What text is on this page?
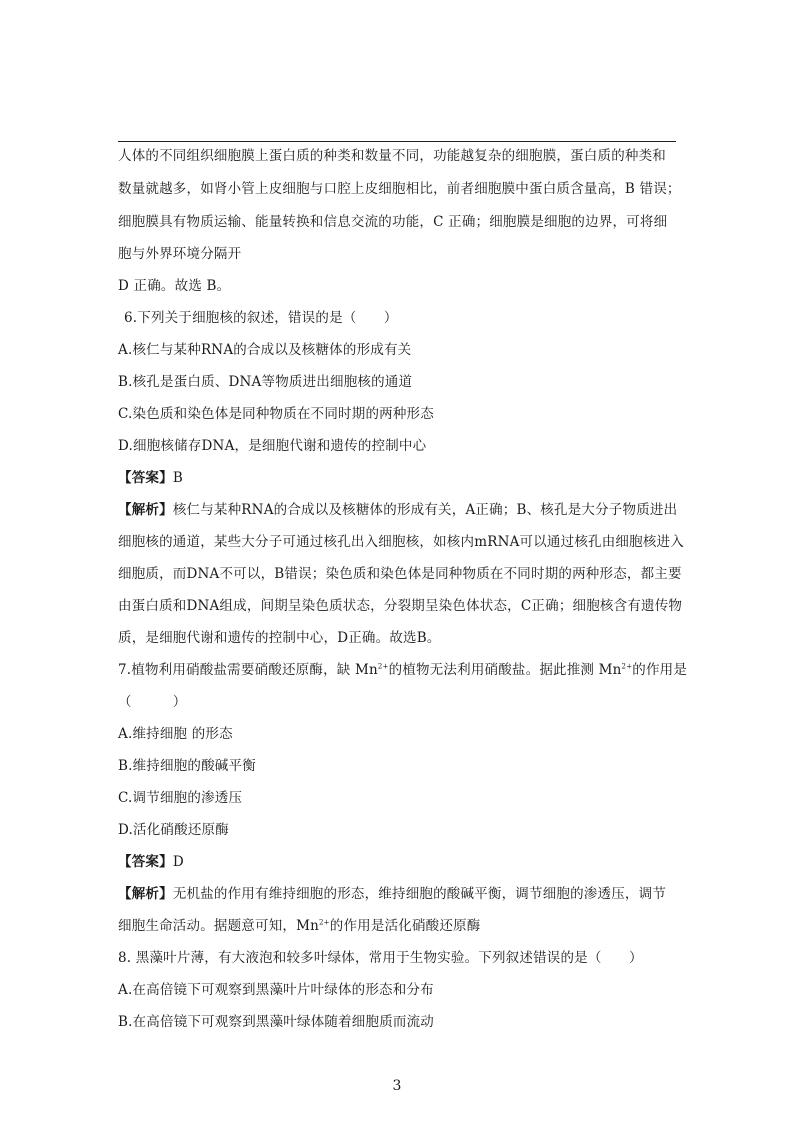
人体的不同组织细胞膜上蛋白质的种类和数量不同，功能越复杂的细胞膜，蛋白质的种类和
数量就越多，如肾小管上皮细胞与口腔上皮细胞相比，前者细胞膜中蛋白质含量高，B 错误；
细胞膜具有物质运输、能量转换和信息交流的功能，C 正确；细胞膜是细胞的边界，可将细
胞与外界环境分隔开
D 正确。故选 B。
6.下列关于细胞核的叙述，错误的是（　　）
A.核仁与某种RNA的合成以及核糖体的形成有关
B.核孔是蛋白质、DNA等物质进出细胞核的通道
C.染色质和染色体是同种物质在不同时期的两种形态
D.细胞核储存DNA，是细胞代谢和遗传的控制中心
【答案】B
【解析】核仁与某种RNA的合成以及核糖体的形成有关，A正确；B、核孔是大分子物质进出
细胞核的通道，某些大分子可通过核孔出入细胞核，如核内mRNA可以通过核孔由细胞核进入
细胞质，而DNA不可以，B错误；染色质和染色体是同种物质在不同时期的两种形态，都主要
由蛋白质和DNA组成，间期呈染色质状态，分裂期呈染色体状态，C正确；细胞核含有遗传物
质，是细胞代谢和遗传的控制中心，D正确。故选B。
7.植物利用硝酸盐需要硝酸还原酶，缺 $Mn^{2+}$的植物无法利用硝酸盐。据此推测 $Mn^{2+}$的作用是
（　　　）
A.维持细胞 的形态
B.维持细胞的酸碱平衡
C.调节细胞的渗透压
D.活化硝酸还原酶
【答案】D
【解析】无机盐的作用有维持细胞的形态，维持细胞的酸碱平衡，调节细胞的渗透压，调节
细胞生命活动。据题意可知，$Mn^{2+}$的作用是活化硝酸还原酶
8. 黑藻叶片薄，有大液泡和较多叶绿体，常用于生物实验。下列叙述错误的是（　　）
A.在高倍镜下可观察到黑藻叶片叶绿体的形态和分布
B.在高倍镜下可观察到黑藻叶绿体随着细胞质而流动
3
